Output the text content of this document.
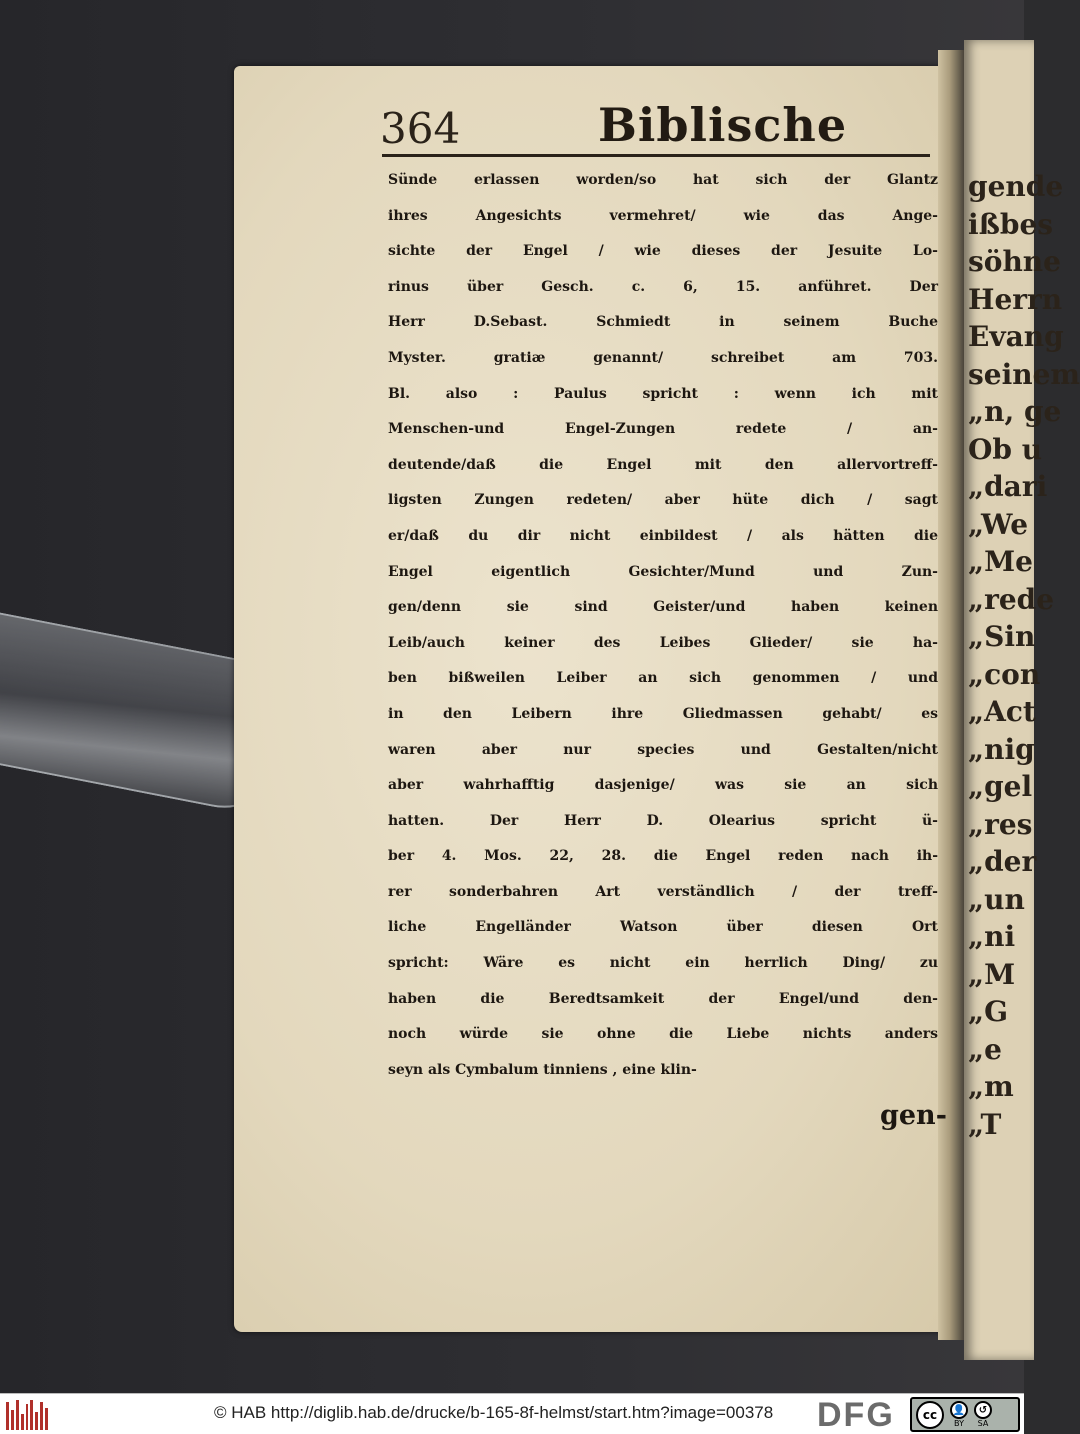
gende
ißbes
söhne
Herrn
Evang
seinem
„n, ge
Ob u
„dari
„We
„Me
„rede
„Sin
„con
„Act
„nig
„gel
„res
„der
„un
„ni
„M
„G
„e
„m
„T
364	Biblische
Sünde erlassen worden/so hat sich der Glantz
ihres Angesichts vermehret/ wie das Ange-
sichte der Engel / wie dieses der Jesuite Lo-
rinus über Gesch. c. 6, 15. anführet. Der
Herr D.Sebast. Schmiedt in seinem Buche
Myster. gratiæ genannt/ schreibet am 703.
Bl. also : Paulus spricht : wenn ich mit
Menschen-und Engel-Zungen redete / an-
deutende/daß die Engel mit den allervortreff-
ligsten Zungen redeten/ aber hüte dich / sagt
er/daß du dir nicht einbildest / als hätten die
Engel eigentlich Gesichter/Mund und Zun-
gen/denn sie sind Geister/und haben keinen
Leib/auch keiner des Leibes Glieder/ sie ha-
ben bißweilen Leiber an sich genommen / und
in den Leibern ihre Gliedmassen gehabt/ es
waren aber nur species und Gestalten/nicht
aber wahrhafftig dasjenige/ was sie an sich
hatten. Der Herr D. Olearius spricht ü-
ber 4. Mos. 22, 28. die Engel reden nach ih-
rer sonderbahren Art verständlich / der treff-
liche Engelländer Watson über diesen Ort
spricht: Wäre es nicht ein herrlich Ding/ zu
haben die Beredtsamkeit der Engel/und den-
noch würde sie ohne die Liebe nichts anders
seyn als Cymbalum tinniens , eine klin-
gen-
© HAB http://diglib.hab.de/drucke/b-165-8f-helmst/start.htm?image=00378 DFG	cc	👤
BY
↺
SA
